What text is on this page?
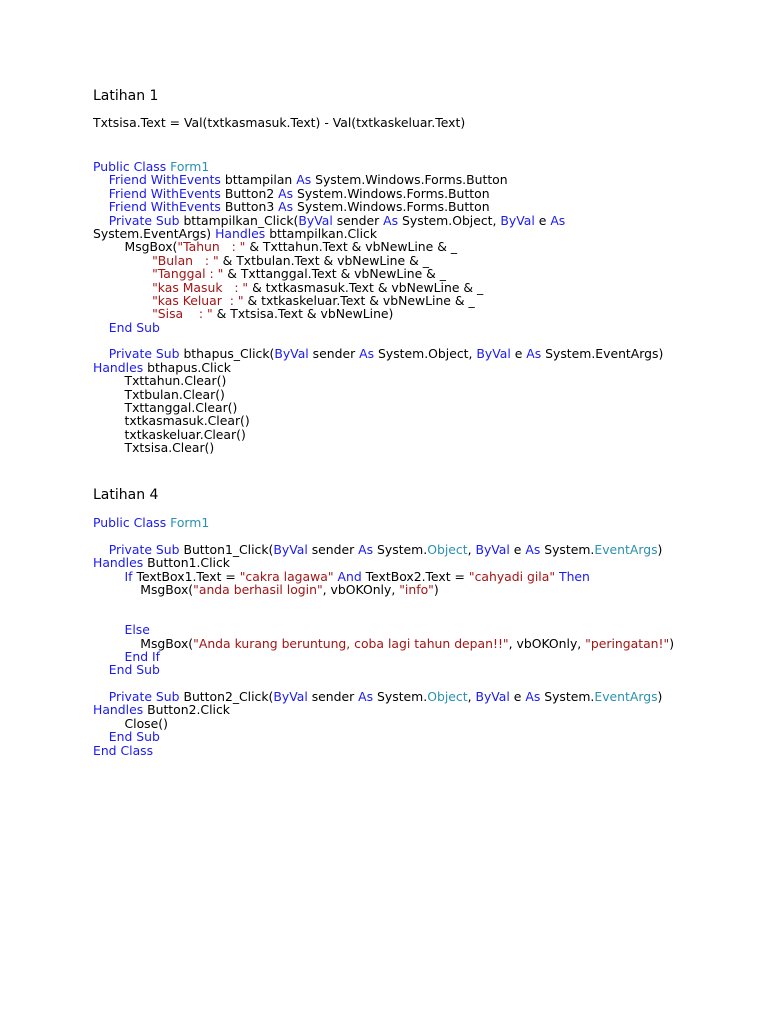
Latihan 1
Txtsisa.Text = Val(txtkasmasuk.Text) - Val(txtkaskeluar.Text)
Public Class Form1
Friend WithEvents bttampilan As System.Windows.Forms.Button
Friend WithEvents Button2 As System.Windows.Forms.Button
Friend WithEvents Button3 As System.Windows.Forms.Button
Private Sub bttampilkan_Click(ByVal sender As System.Object, ByVal e As
System.EventArgs) Handles bttampilkan.Click
MsgBox("Tahun   : " & Txttahun.Text & vbNewLine & _
"Bulan   : " & Txtbulan.Text & vbNewLine & _
"Tanggal : " & Txttanggal.Text & vbNewLine & _
"kas Masuk   : " & txtkasmasuk.Text & vbNewLine & _
"kas Keluar  : " & txtkaskeluar.Text & vbNewLine & _
"Sisa    : " & Txtsisa.Text & vbNewLine)
End Sub
Private Sub bthapus_Click(ByVal sender As System.Object, ByVal e As System.EventArgs)
Handles bthapus.Click
Txttahun.Clear()
Txtbulan.Clear()
Txttanggal.Clear()
txtkasmasuk.Clear()
txtkaskeluar.Clear()
Txtsisa.Clear()
Latihan 4
Public Class Form1
Private Sub Button1_Click(ByVal sender As System.Object, ByVal e As System.EventArgs)
Handles Button1.Click
If TextBox1.Text = "cakra lagawa" And TextBox2.Text = "cahyadi gila" Then
MsgBox("anda berhasil login", vbOKOnly, "info")
Else
MsgBox("Anda kurang beruntung, coba lagi tahun depan!!", vbOKOnly, "peringatan!")
End If
End Sub
Private Sub Button2_Click(ByVal sender As System.Object, ByVal e As System.EventArgs)
Handles Button2.Click
Close()
End Sub
End Class
